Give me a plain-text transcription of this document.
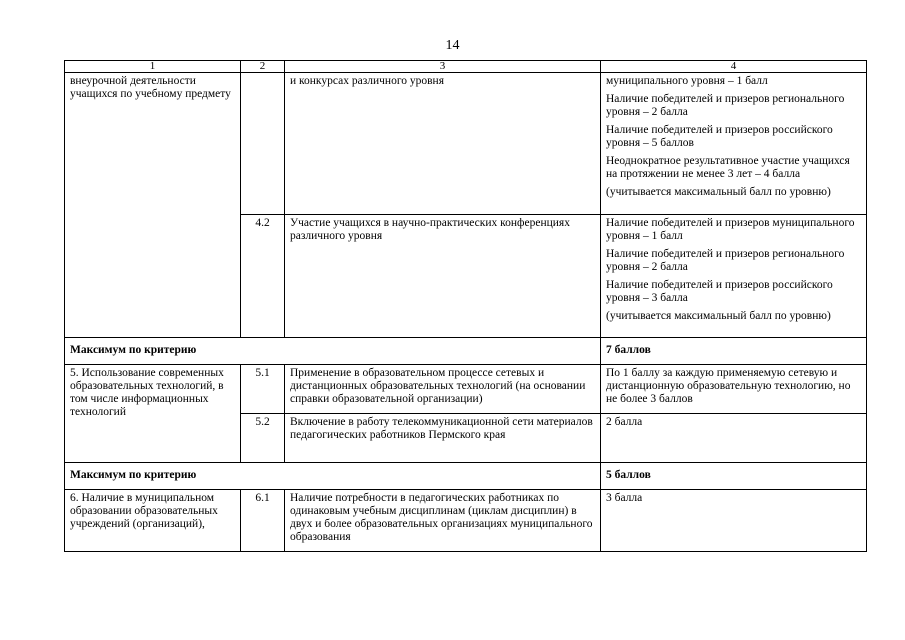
14
1	2	3	4
внеурочной деятельности учащихся по учебному предмету		и конкурсах различного уровня	муниципального уровня – 1 балл

Наличие победителей и призеров регионального уровня – 2 балла

Наличие победителей и призеров российского уровня – 5 баллов

Неоднократное результативное участие учащихся на протяжении не менее 3 лет – 4 балла

(учитывается максимальный балл по уровню)

	4.2	Участие учащихся в научно-практических конференциях различного уровня	Наличие победителей и призеров муниципального уровня – 1 балл

Наличие победителей и призеров регионального уровня – 2 балла

Наличие победителей и призеров российского уровня – 3 балла

(учитывается максимальный балл по уровню)

Максимум по критерию			7 баллов
5. Использование современных образовательных технологий, в том числе информационных технологий	5.1	Применение в образовательном процессе сетевых и дистанционных образовательных технологий (на основании справки образовательной организации)	По 1 баллу за каждую применяемую сетевую и дистанционную образовательную технологию, но не более 3 баллов
	5.2	Включение в работу телекоммуникационной сети материалов педагогических работников Пермского края	2 балла
Максимум по критерию			5 баллов
6. Наличие в муниципальном образовании образовательных учреждений (организаций),	6.1	Наличие потребности в педагогических работниках по одинаковым учебным дисциплинам (циклам дисциплин) в двух и более образовательных организациях муниципального образования	3 балла
